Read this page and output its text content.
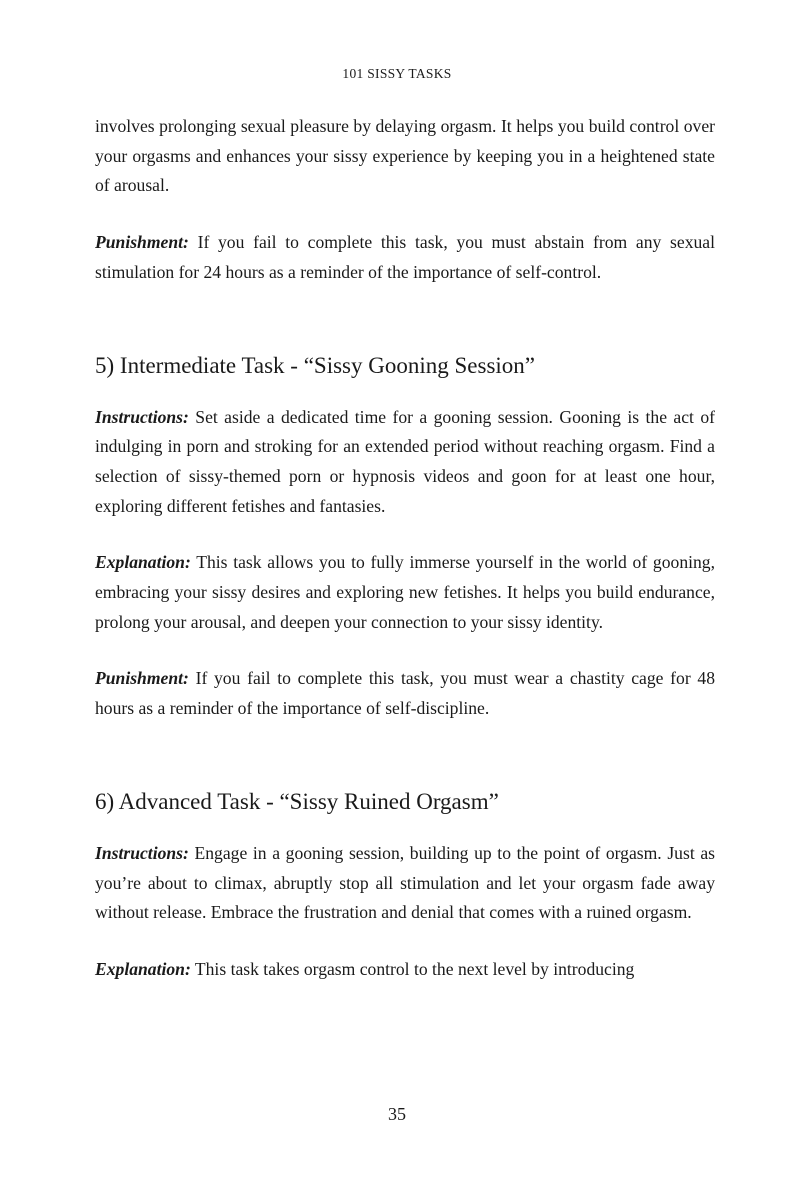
101 SISSY TASKS

involves prolonging sexual pleasure by delaying orgasm. It helps you build control over your orgasms and enhances your sissy experience by keeping you in a heightened state of arousal.

Punishment: If you fail to complete this task, you must abstain from any sexual stimulation for 24 hours as a reminder of the importance of self-control.

5) Intermediate Task - “Sissy Gooning Session”

Instructions: Set aside a dedicated time for a gooning session. Gooning is the act of indulging in porn and stroking for an extended period without reaching orgasm. Find a selection of sissy-themed porn or hypnosis videos and goon for at least one hour, exploring different fetishes and fantasies.

Explanation: This task allows you to fully immerse yourself in the world of gooning, embracing your sissy desires and exploring new fetishes. It helps you build endurance, prolong your arousal, and deepen your connection to your sissy identity.

Punishment: If you fail to complete this task, you must wear a chastity cage for 48 hours as a reminder of the importance of self-discipline.

6) Advanced Task - “Sissy Ruined Orgasm”

Instructions: Engage in a gooning session, building up to the point of orgasm. Just as you’re about to climax, abruptly stop all stimulation and let your orgasm fade away without release. Embrace the frustration and denial that comes with a ruined orgasm.

Explanation: This task takes orgasm control to the next level by introducing

35
